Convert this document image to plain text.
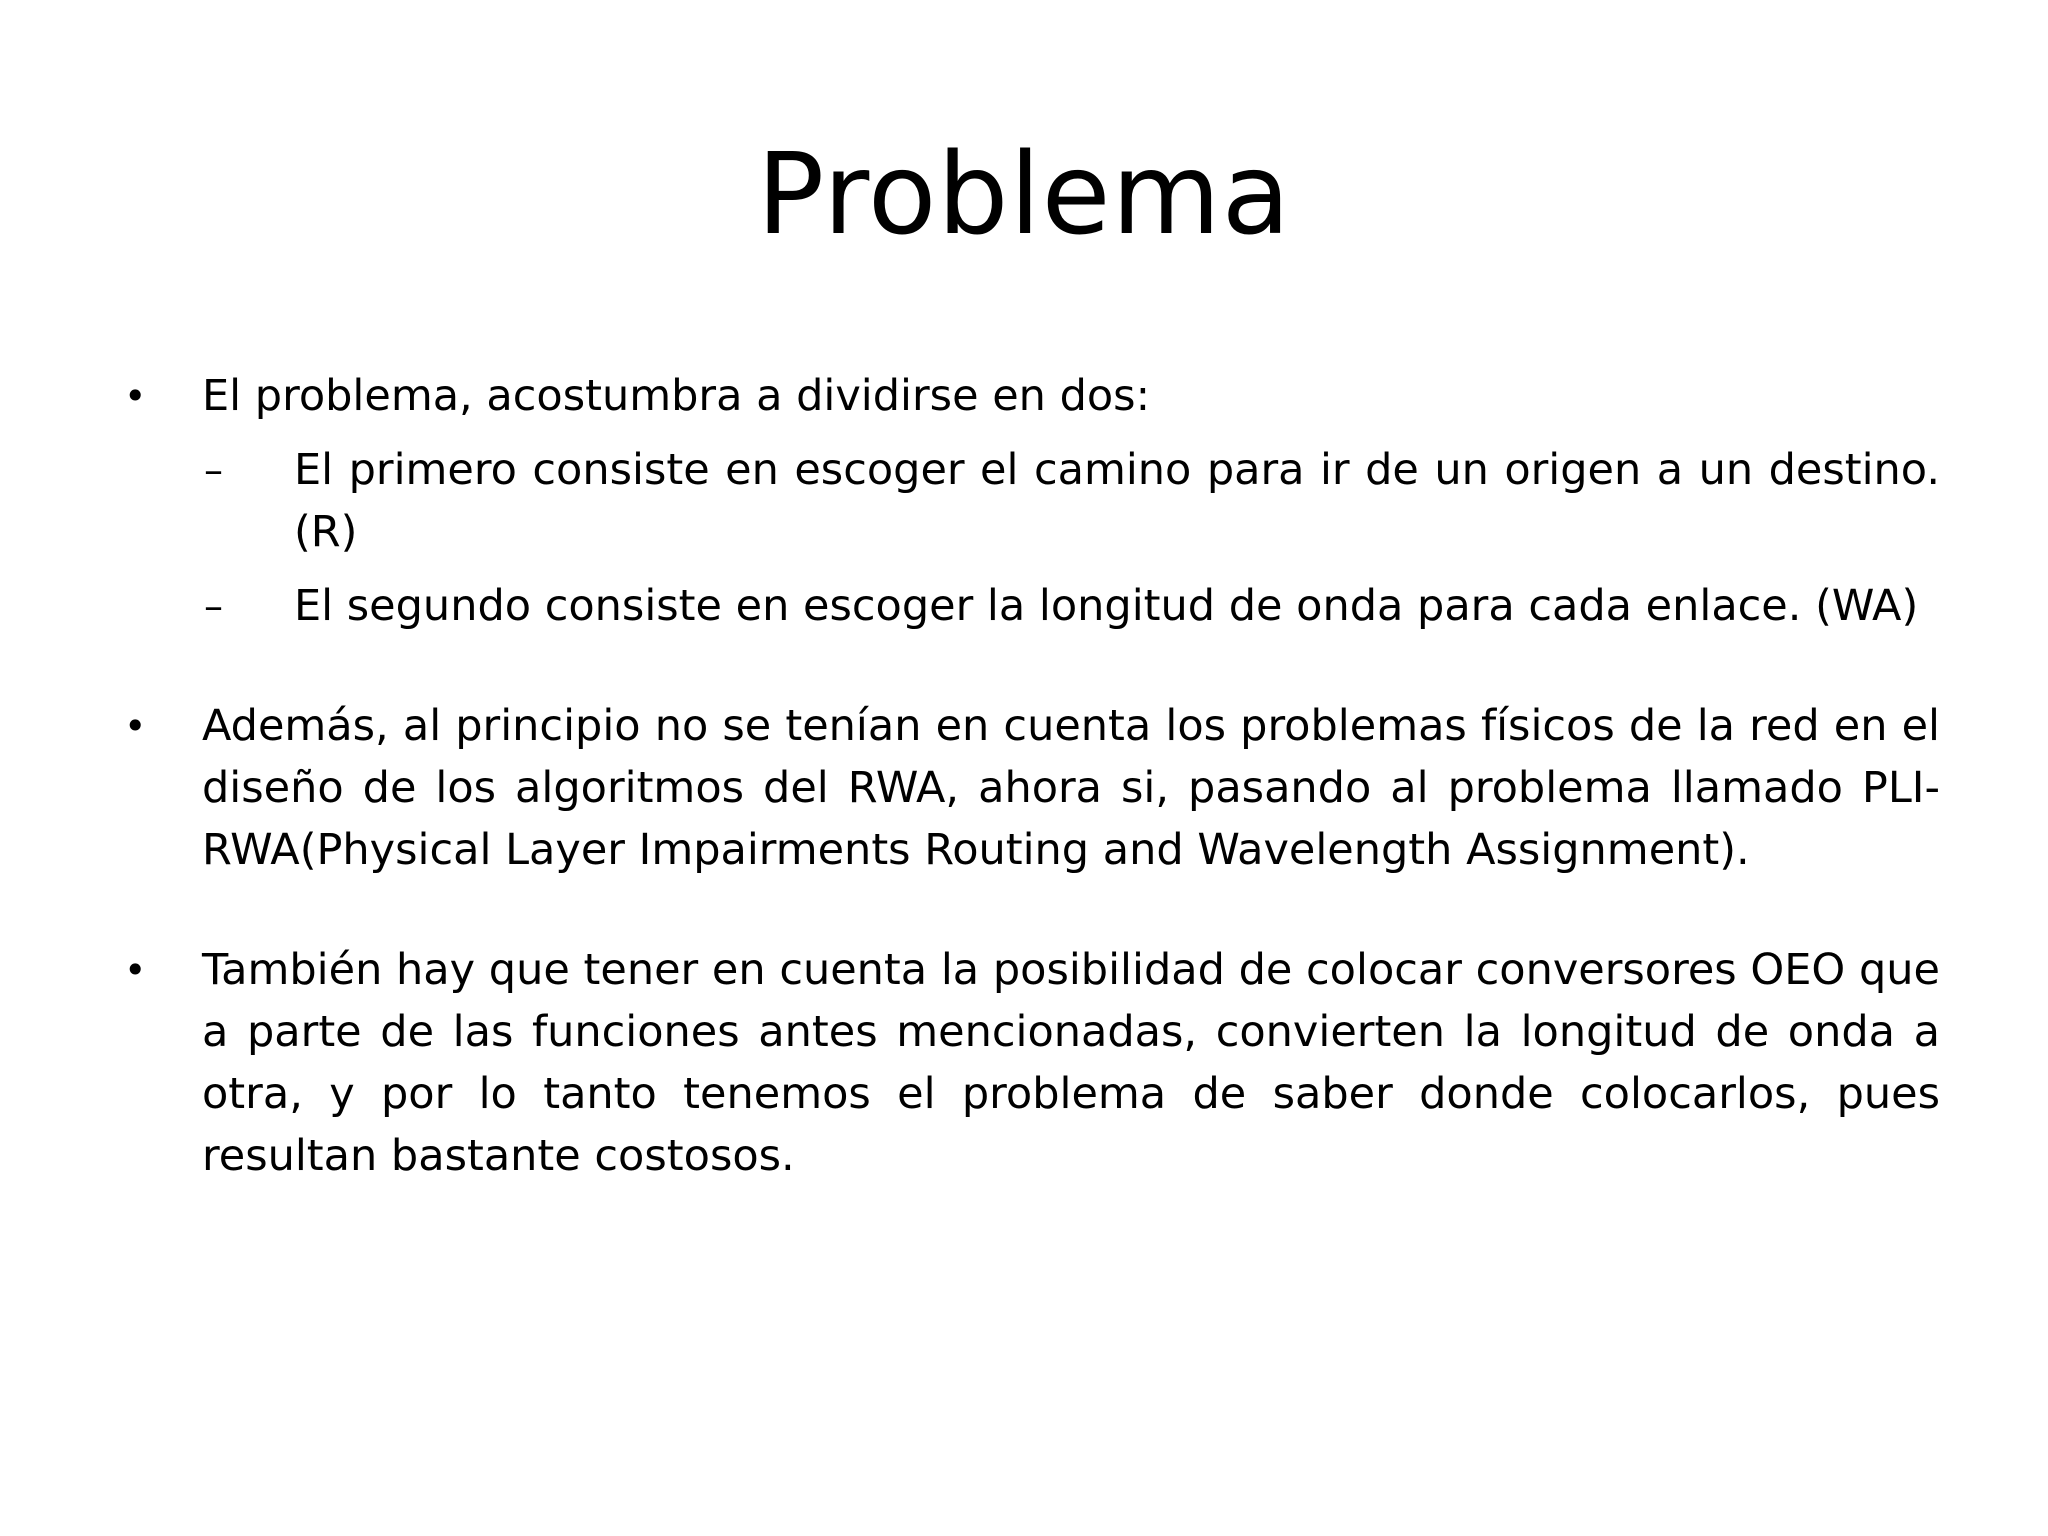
Problema
• El problema, acostumbra a dividirse en dos:
– El primero consiste en escoger el camino para ir de un origen a un destino. (R)
– El segundo consiste en escoger la longitud de onda para cada enlace. (WA)
• Además, al principio no se tenían en cuenta los problemas físicos de la red en el diseño de los algoritmos del RWA, ahora si, pasando al problema llamado PLI-RWA(Physical Layer Impairments Routing and Wavelength Assignment).
• También hay que tener en cuenta la posibilidad de colocar conversores OEO que a parte de las funciones antes mencionadas, convierten la longitud de onda a otra, y por lo tanto tenemos el problema de saber donde colocarlos, pues resultan bastante costosos.
